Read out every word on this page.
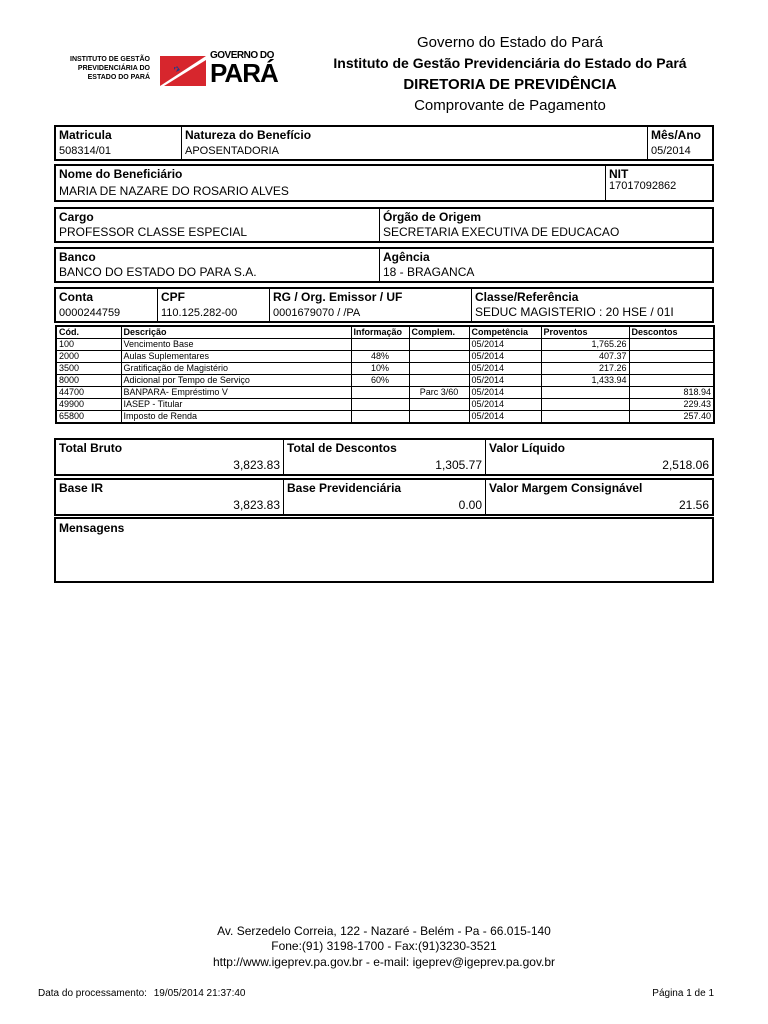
INSTITUTO DE GESTÃO
PREVIDENCIÁRIA DO
ESTADO DO PARÁ
GOVERNO DO
PARÁ
Governo do Estado do Pará
Instituto de Gestão Previdenciária do Estado do Pará
DIRETORIA DE PREVIDÊNCIA
Comprovante de Pagamento
Matricula
508314/01
Natureza do Benefício
APOSENTADORIA
Mês/Ano
05/2014
Nome do Beneficiário
MARIA DE NAZARE DO ROSARIO ALVES
NIT
17017092862
Cargo
PROFESSOR CLASSE ESPECIAL
Órgão de Origem
SECRETARIA EXECUTIVA DE EDUCACAO
Banco
BANCO DO ESTADO DO PARA S.A.
Agência
18 - BRAGANCA
Conta
0000244759
CPF
110.125.282-00
RG / Org. Emissor / UF
0001679070 / /PA
Classe/Referência
SEDUC MAGISTERIO : 20 HSE / 01I
Cód.	Descrição	Informação	Complem.	Competência	Proventos	Descontos
100	Vencimento Base			05/2014	1,765.26	
2000	Aulas Suplementares	48%		05/2014	407.37	
3500	Gratificação de Magistério	10%		05/2014	217.26	
8000	Adicional por Tempo de Serviço	60%		05/2014	1,433.94	
44700	BANPARA- Empréstimo V		Parc 3/60	05/2014		818.94
49900	IASEP - Titular			05/2014		229.43
65800	Imposto de Renda			05/2014		257.40
Total Bruto
3,823.83
Total de Descontos
1,305.77
Valor Líquido
2,518.06
Base IR
3,823.83
Base Previdenciária
0.00
Valor Margem Consignável
21.56
Mensagens
Av. Serzedelo Correia, 122 - Nazaré - Belém - Pa - 66.015-140
Fone:(91) 3198-1700 - Fax:(91)3230-3521
http://www.igeprev.pa.gov.br - e-mail: igeprev@igeprev.pa.gov.br
Data do processamento: 19/05/2014 21:37:40	Página 1 de 1
